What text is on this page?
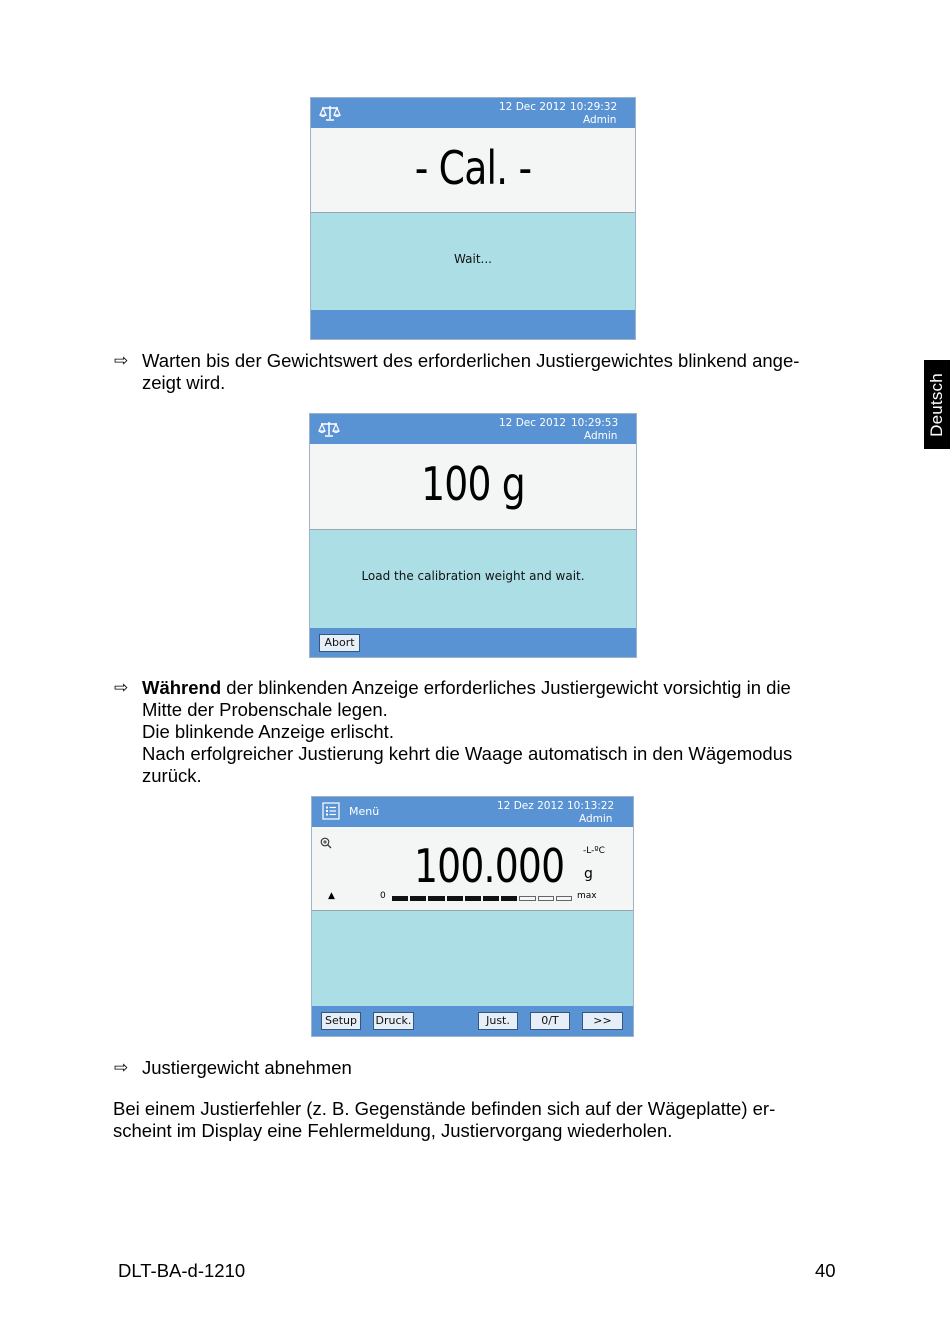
Deutsch
12 Dec 2012 10:29:32
Admin
- Cal. -
Wait...
⇨ Warten bis der Gewichtswert des erforderlichen Justiergewichtes blinkend ange-
zeigt wird.
12 Dec 2012 10:29:53
Admin
100 g
Load the calibration weight and wait.
Abort
⇨ Während der blinkenden Anzeige erforderliches Justiergewicht vorsichtig in die
Mitte der Probenschale legen.
Die blinkende Anzeige erlischt.
Nach erfolgreicher Justierung kehrt die Waage automatisch in den Wägemodus
zurück.
Menü	12 Dez 2012 10:13:22
Admin
100.000 -L-ºC
g
▲	0	max
Setup	Druck.	Just.	0/T	>>
⇨ Justiergewicht abnehmen
Bei einem Justierfehler (z. B. Gegenstände befinden sich auf der Wägeplatte) er-
scheint im Display eine Fehlermeldung, Justiervorgang wiederholen.
DLT-BA-d-1210	40
